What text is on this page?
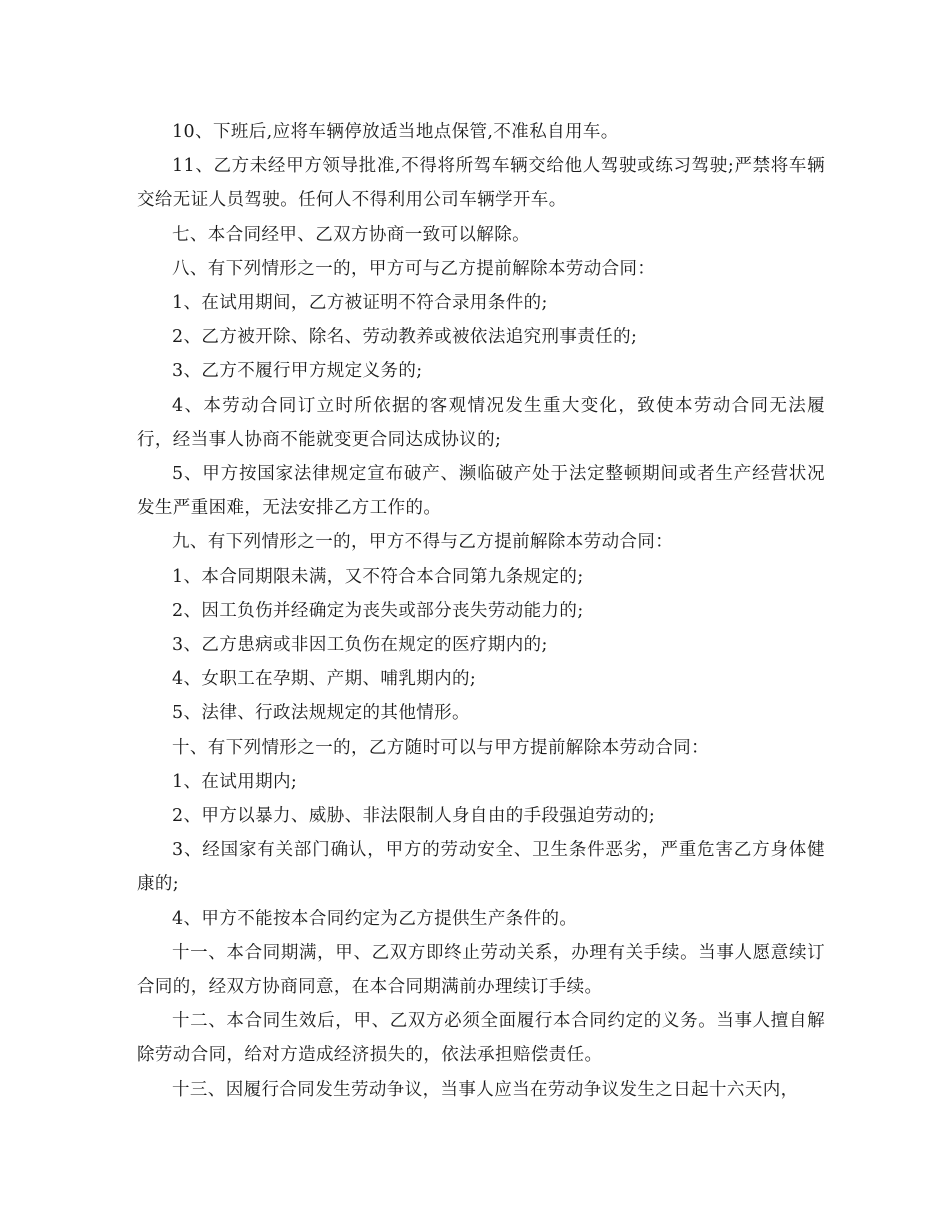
10、下班后,应将车辆停放适当地点保管,不准私自用车。

11、乙方未经甲方领导批准,不得将所驾车辆交给他人驾驶或练习驾驶;严禁将车辆交给无证人员驾驶。任何人不得利用公司车辆学开车。

七、本合同经甲、乙双方协商一致可以解除。

八、有下列情形之一的，甲方可与乙方提前解除本劳动合同：

1、在试用期间，乙方被证明不符合录用条件的;

2、乙方被开除、除名、劳动教养或被依法追究刑事责任的;

3、乙方不履行甲方规定义务的;

4、本劳动合同订立时所依据的客观情况发生重大变化，致使本劳动合同无法履行，经当事人协商不能就变更合同达成协议的;

5、甲方按国家法律规定宣布破产、濒临破产处于法定整顿期间或者生产经营状况发生严重困难，无法安排乙方工作的。

九、有下列情形之一的，甲方不得与乙方提前解除本劳动合同：

1、本合同期限未满，又不符合本合同第九条规定的;

2、因工负伤并经确定为丧失或部分丧失劳动能力的;

3、乙方患病或非因工负伤在规定的医疗期内的;

4、女职工在孕期、产期、哺乳期内的;

5、法律、行政法规规定的其他情形。

十、有下列情形之一的，乙方随时可以与甲方提前解除本劳动合同：

1、在试用期内;

2、甲方以暴力、威胁、非法限制人身自由的手段强迫劳动的;

3、经国家有关部门确认，甲方的劳动安全、卫生条件恶劣，严重危害乙方身体健康的;

4、甲方不能按本合同约定为乙方提供生产条件的。

十一、本合同期满，甲、乙双方即终止劳动关系，办理有关手续。当事人愿意续订合同的，经双方协商同意，在本合同期满前办理续订手续。

十二、本合同生效后，甲、乙双方必须全面履行本合同约定的义务。当事人擅自解除劳动合同，给对方造成经济损失的，依法承担赔偿责任。

十三、因履行合同发生劳动争议，当事人应当在劳动争议发生之日起十六天内，
